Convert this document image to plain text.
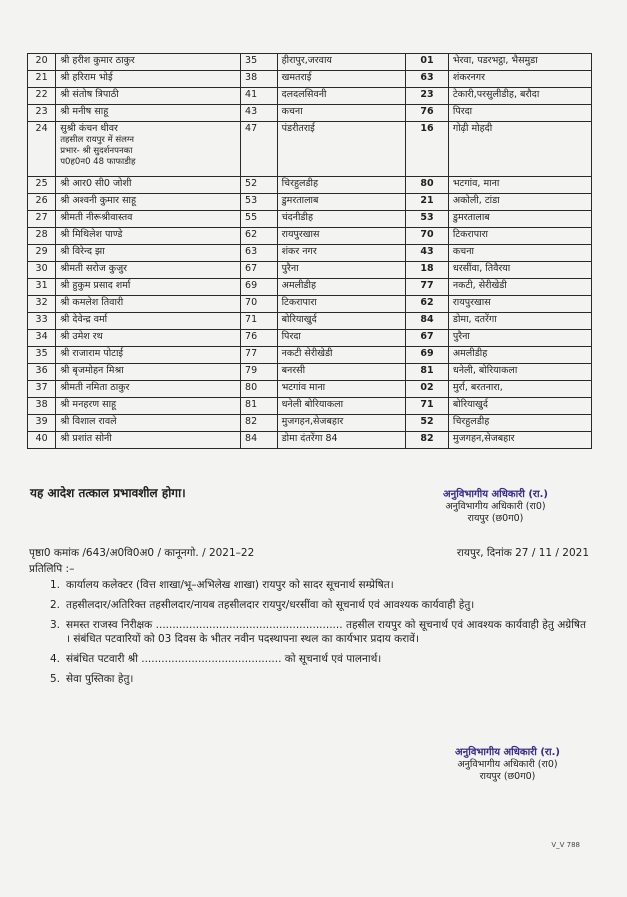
20	श्री हरीश कुमार ठाकुर	35	हीरापुर,जरवाय	01	भेरवा, पडरभट्ठा, भैसमुडा
21	श्री हरिराम भोई	38	खमतराई	63	शंकरनगर
22	श्री संतोष त्रिपाठी	41	दलदलसिवनी	23	टेकारी,परसुलीडीह, बरौदा
23	श्री मनीष साहू	43	कचना	76	पिरदा
24	सुश्री कंचन धीवर
तहसील रायपुर में संलग्न
प्रभार- श्री सुदर्शनपनका
प0ह0न0 48 फाफाडीह	47	पंडरीतराई	16	गोढ़ी मोहदी
25	श्री आर0 सी0 जोशी	52	चिरहुलडीह	80	भटगांव, माना
26	श्री अश्वनी कुमार साहू	53	डुमरतालाब	21	अकोली, टांडा
27	श्रीमती नीरूश्रीवास्तव	55	चंदनीडीह	53	डुमरतालाब
28	श्री मिथिलेश पाण्डे	62	रायपुरखास	70	टिकरापारा
29	श्री विरेन्द झा	63	शंकर नगर	43	कचना
30	श्रीमती सरोज कुजुर	67	पुरैना	18	धरसींवा, तिवैरया
31	श्री हुकुम प्रसाद शर्मा	69	अमलीडीह	77	नकटी, सेरीखेडी
32	श्री कमलेश तिवारी	70	टिकरापारा	62	रायपुरखास
33	श्री देवेन्द्र वर्मा	71	बोरियाखुर्द	84	डोमा, दतरेंगा
34	श्री उमेश रथ	76	पिरदा	67	पुरैना
35	श्री राजाराम पोटाई	77	नकटी सेरीखेडी	69	अमलीडीह
36	श्री बृजमोहन मिश्रा	79	बनरसी	81	धनेली, बोरियाकला
37	श्रीमती नमिता ठाकुर	80	भटगांव माना	02	मुर्रा, बरतनारा,
38	श्री मनहरण साहू	81	धनेली बोरियाकला	71	बोरियाखुर्द
39	श्री विशाल रावले	82	मुजगहन,सेजबहार	52	चिरहुलडीह
40	श्री प्रशांत सोनी	84	डोमा दंतरेंगा 84	82	मुजगहन,सेजबहार
यह आदेश तत्काल प्रभावशील होगा।	अनुविभागीय अधिकारी (रा.)
अनुविभागीय अधिकारी (रा0)
रायपुर (छ0ग0)
पृष्ठा0 कमांक /643/अ0वि0अ0 / कानूनगो. / 2021–22	रायपुर, दिनांक 27 / 11 / 2021
प्रतिलिपि :–
1. कार्यालय कलेक्टर (वित्त शाखा/भू–अभिलेख शाखा) रायपुर को सादर सूचनार्थ सम्प्रेषित।
2. तहसीलदार/अतिरिक्त तहसीलदार/नायब तहसीलदार रायपुर/धरसींवा को सूचनार्थ एवं आवश्यक कार्यवाही हेतु।
3. समस्त राजस्व निरीक्षक ........................................................ तहसील रायपुर को सूचनार्थ एवं आवश्यक कार्यवाही हेतु अग्रेषित । संबंधित पटवारियों को 03 दिवस के भीतर नवीन पदस्थापना स्थल का कार्यभार प्रदाय करावें।
4. संबंधित पटवारी श्री .......................................... को सूचनार्थ एवं पालनार्थ।
5. सेवा पुस्तिका हेतु।
अनुविभागीय अधिकारी (रा.)
अनुविभागीय अधिकारी (रा0)
रायपुर (छ0ग0)
V_V 788
